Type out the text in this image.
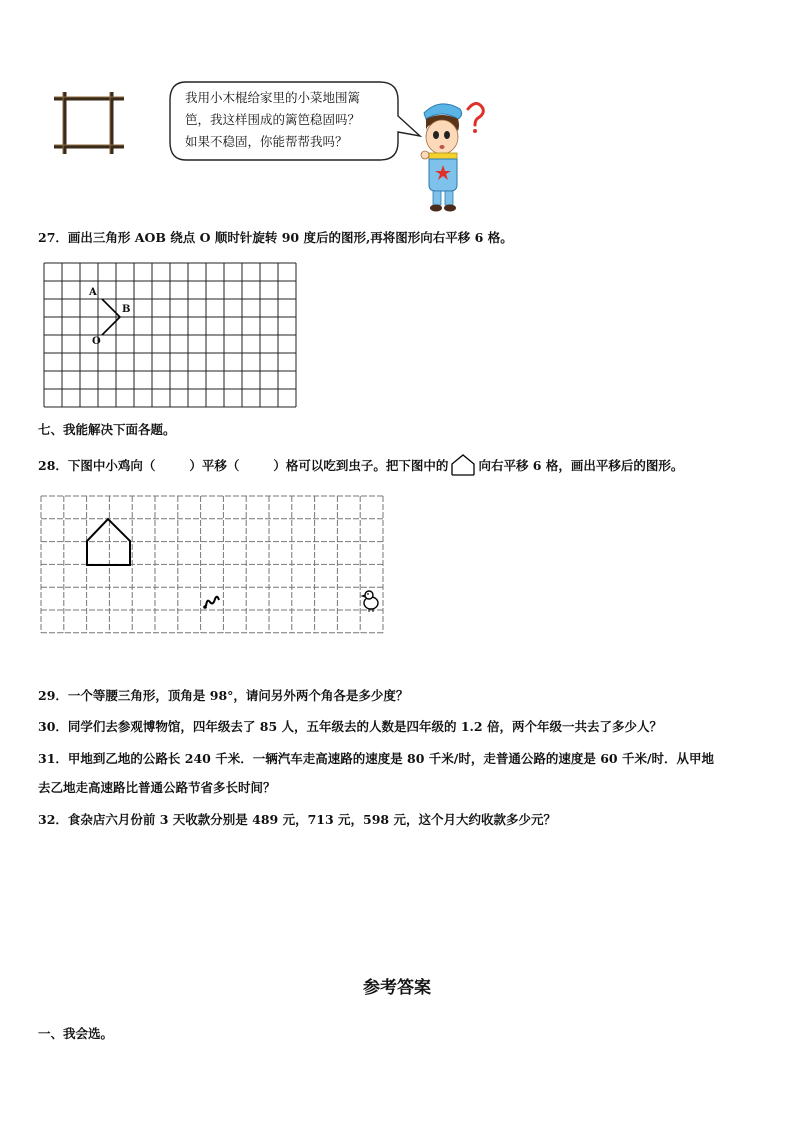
我用小木棍给家里的小菜地围篱
笆，我这样围成的篱笆稳固吗？
如果不稳固，你能帮帮我吗？
27．画出三角形 AOB 绕点 O 顺时针旋转 90 度后的图形,再将图形向右平移 6 格。
A
B
O
七、我能解决下面各题。
28．下图中小鸡向（	）平移（	）格可以吃到虫子。把下图中的 向右平移 6 格，画出平移后的图形。
29．一个等腰三角形，顶角是 98°，请问另外两个角各是多少度？
30．同学们去参观博物馆，四年级去了 85 人，五年级去的人数是四年级的 1.2 倍，两个年级一共去了多少人？
31．甲地到乙地的公路长 240 千米．一辆汽车走高速路的速度是 80 千米/时，走普通公路的速度是 60 千米/时．从甲地
去乙地走高速路比普通公路节省多长时间？
32．食杂店六月份前 3 天收款分别是 489 元，713 元，598 元，这个月大约收款多少元？
参考答案
一、我会选。
